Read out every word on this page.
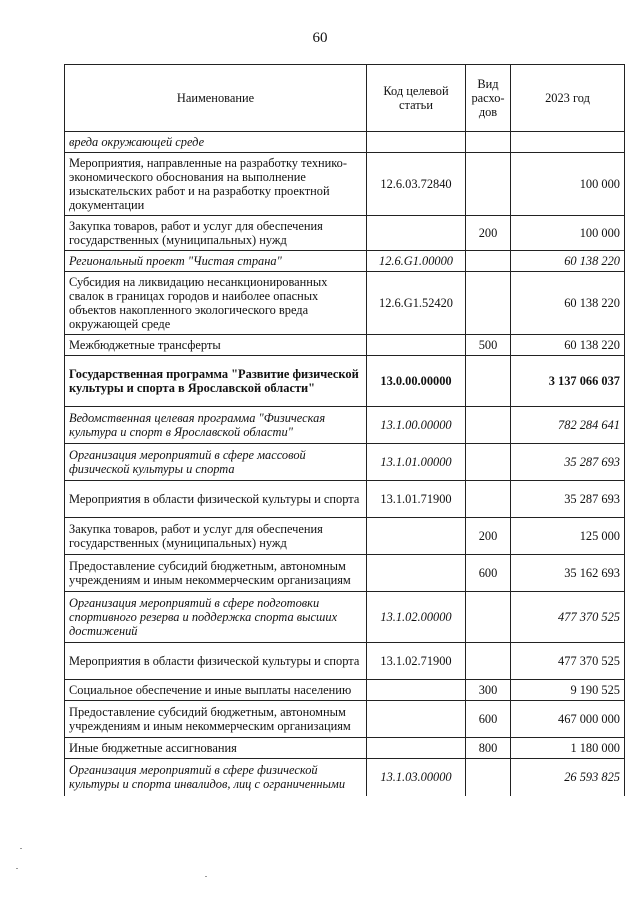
60
Наименование	Код целевой статьи	Вид расхо-дов	2023 год
вреда окружающей среде			
Мероприятия, направленные на разработку технико-экономического обоснования на выполнение изыскательских работ и на разработку проектной документации	12.6.03.72840		100 000
Закупка товаров, работ и услуг для обеспечения государственных (муниципальных) нужд		200	100 000
Региональный проект "Чистая страна"	12.6.G1.00000		60 138 220
Субсидия на ликвидацию несанкционированных свалок в границах городов и наиболее опасных объектов накопленного экологического вреда окружающей среде	12.6.G1.52420		60 138 220
Межбюджетные трансферты		500	60 138 220
Государственная программа "Развитие физической культуры и спорта в Ярославской области"	13.0.00.00000		3 137 066 037
Ведомственная целевая программа "Физическая культура и спорт в Ярославской области"	13.1.00.00000		782 284 641
Организация мероприятий в сфере массовой физической культуры и спорта	13.1.01.00000		35 287 693
Мероприятия в области физической культуры и спорта	13.1.01.71900		35 287 693
Закупка товаров, работ и услуг для обеспечения государственных (муниципальных) нужд		200	125 000
Предоставление субсидий бюджетным, автономным учреждениям и иным некоммерческим организациям		600	35 162 693
Организация мероприятий в сфере подготовки спортивного резерва и поддержка спорта высших достижений	13.1.02.00000		477 370 525
Мероприятия в области физической культуры и спорта	13.1.02.71900		477 370 525
Социальное обеспечение и иные выплаты населению		300	9 190 525
Предоставление субсидий бюджетным, автономным учреждениям и иным некоммерческим организациям		600	467 000 000
Иные бюджетные ассигнования		800	1 180 000
Организация мероприятий в сфере физической культуры и спорта инвалидов, лиц с ограниченными	13.1.03.00000		26 593 825
